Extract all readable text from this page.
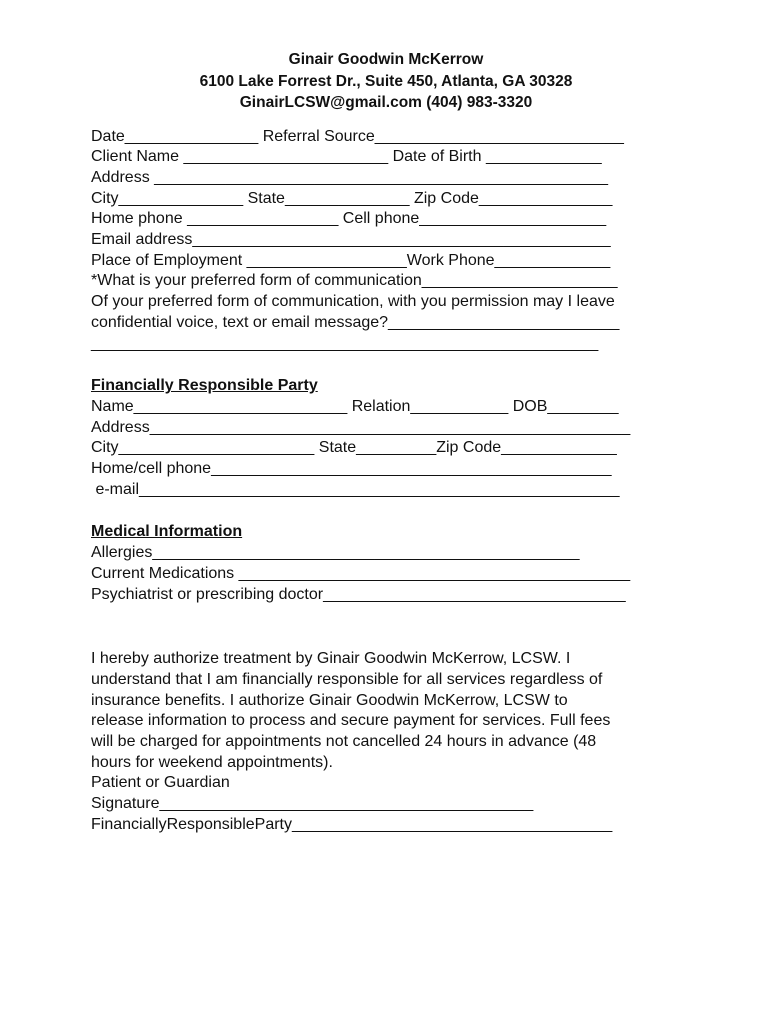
Ginair Goodwin McKerrow
6100 Lake Forrest Dr., Suite 450, Atlanta, GA 30328
GinairLCSW@gmail.com (404) 983-3320
Date_______________ Referral Source____________________________
Client Name _______________________ Date of Birth _____________
Address ___________________________________________________
City______________ State______________ Zip Code_______________
Home phone _________________ Cell phone_____________________
Email address_______________________________________________
Place of Employment __________________Work Phone_____________
*What is your preferred form of communication______________________
Of your preferred form of communication, with you permission may I leave
confidential voice, text or email message?__________________________
_________________________________________________________
Financially Responsible Party
Name________________________ Relation___________ DOB________
Address______________________________________________________
City______________________ State_________Zip Code_____________
Home/cell phone_____________________________________________
e-mail______________________________________________________
Medical Information
Allergies________________________________________________
Current Medications ____________________________________________
Psychiatrist or prescribing doctor__________________________________
I hereby authorize treatment by Ginair Goodwin McKerrow, LCSW. I
understand that I am financially responsible for all services regardless of
insurance benefits. I authorize Ginair Goodwin McKerrow, LCSW to
release information to process and secure payment for services. Full fees
will be charged for appointments not cancelled 24 hours in advance (48
hours for weekend appointments).
Patient or Guardian
Signature__________________________________________
FinanciallyResponsibleParty____________________________________
